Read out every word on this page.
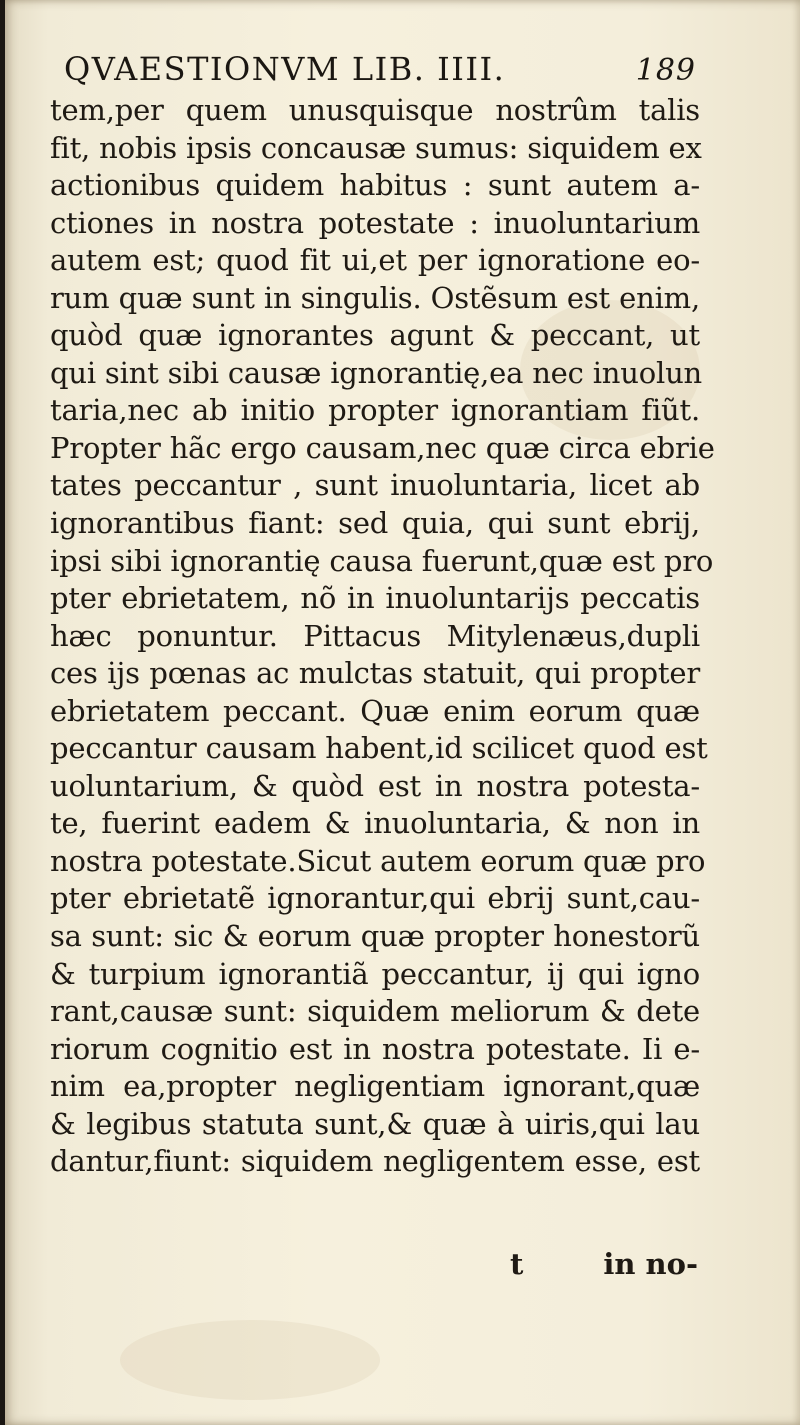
QVAESTIONVM LIB. IIII.	189
tem,per quem unusquisque nostrûm talis
fit, nobis ipsis concausæ sumus: siquidem ex
actionibus quidem habitus : sunt autem a-
ctiones in nostra potestate : inuoluntarium
autem est; quod fit ui,et per ignoratione eo-
rum quæ sunt in singulis. Ostẽsum est enim,
quòd quæ ignorantes agunt & peccant, ut
qui sint sibi causæ ignorantię,ea nec inuolun
taria,nec ab initio propter ignorantiam fiũt.
Propter hãc ergo causam,nec quæ circa ebrie
tates peccantur , sunt inuoluntaria, licet ab
ignorantibus fiant: sed quia, qui sunt ebrij,
ipsi sibi ignorantię causa fuerunt,quæ est pro
pter ebrietatem, nõ in inuoluntarijs peccatis
hæc ponuntur. Pittacus Mitylenæus,dupli
ces ijs pœnas ac mulctas statuit, qui propter
ebrietatem peccant. Quæ enim eorum quæ
peccantur causam habent,id scilicet quod est
uoluntarium, & quòd est in nostra potesta-
te, fuerint eadem & inuoluntaria, & non in
nostra potestate.Sicut autem eorum quæ pro
pter ebrietatẽ ignorantur,qui ebrij sunt,cau-
sa sunt: sic & eorum quæ propter honestorũ
& turpium ignorantiã peccantur, ij qui igno
rant,causæ sunt: siquidem meliorum & dete
riorum cognitio est in nostra potestate. Ii e-
nim ea,propter negligentiam ignorant,quæ
& legibus statuta sunt,& quæ à uiris,qui lau
dantur,fiunt: siquidem negligentem esse, est
t	in no-
